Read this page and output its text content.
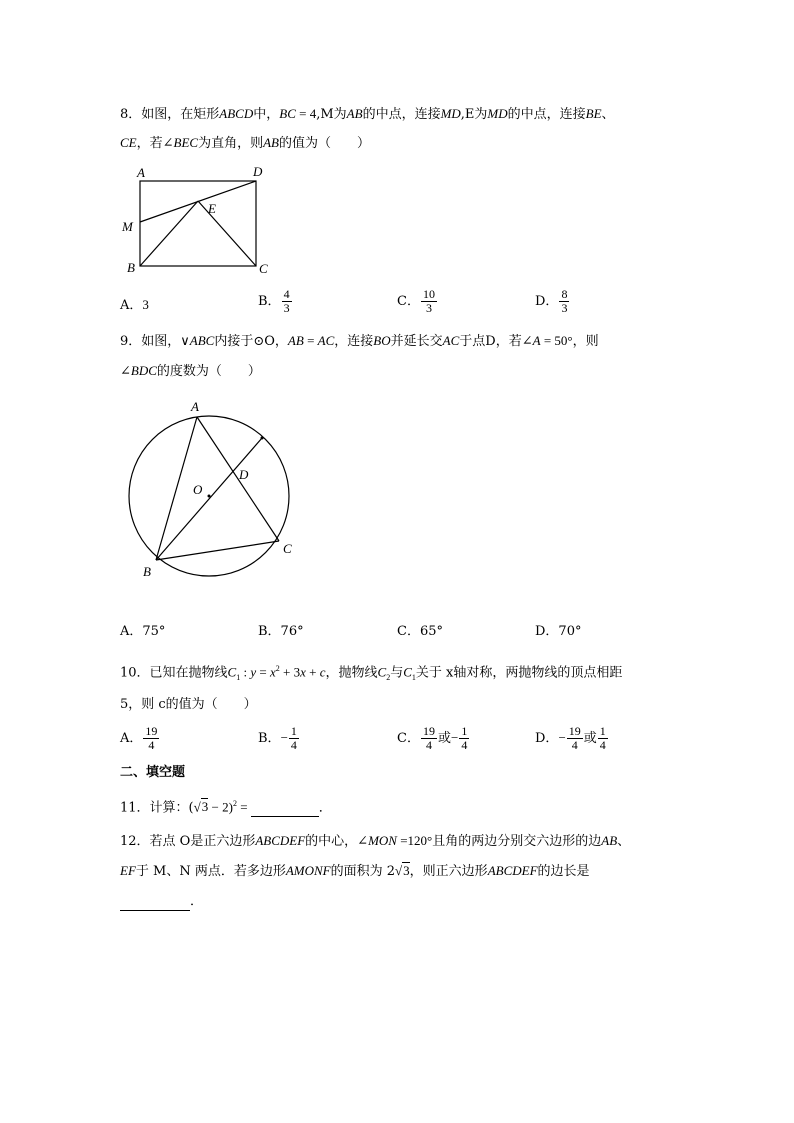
8．如图，在矩形ABCD中，BC = 4,M为AB的中点，连接MD,E为MD的中点，连接BE、
CE，若∠BEC为直角，则AB的值为（　　）
A	D
M
E
B	C
A．3	B． $\frac{4}{3}$	C． $\frac{10}{3}$	D． $\frac{8}{3}$
9．如图，∨ABC内接于⊙O，AB = AC，连接BO并延长交AC于点D，若∠A = 50°，则
∠BDC的度数为（　　）
A
O
D
C
B
A．75°	B．76°	C．65°	D．70°
10．已知在抛物线$C_1$ : $y = x^2 + 3x + c$，抛物线$C_2$与$C_1$关于 x轴对称，两抛物线的顶点相距
5，则 c的值为（　　）
A． $\frac{19}{4}$	B．− $\frac{1}{4}$	C． $\frac{19}{4}$ 或− $\frac{1}{4}$	D．− $\frac{19}{4}$ 或 $\frac{1}{4}$
二、填空题
11．计算：$(√3 - 2)^2$ =	．
12．若点 O是正六边形ABCDEF的中心，∠MON =120°且角的两边分别交六边形的边AB、
EF于 M、N 两点．若多边形AMONF的面积为 2√3，则正六边形ABCDEF的边长是
．
